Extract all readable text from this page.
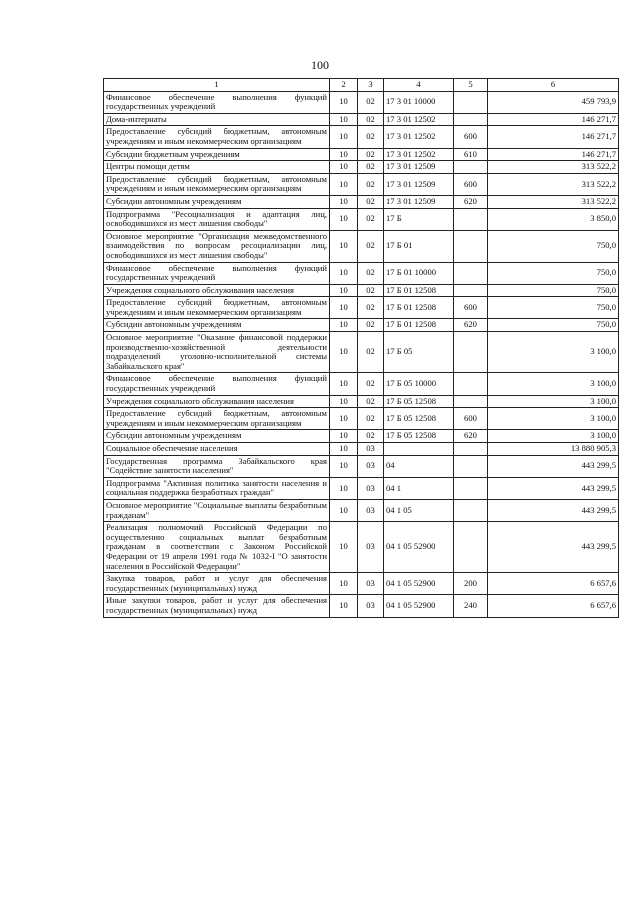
100
1	2	3	4	5	6
Финансовое обеспечение выполнения функций государственных учреждений	10	02	17 3 01 10000		459 793,9
Дома-интернаты	10	02	17 3 01 12502		146 271,7
Предоставление субсидий бюджетным, автономным учреждениям и иным некоммерческим организациям	10	02	17 3 01 12502	600	146 271,7
Субсидии бюджетным учреждениям	10	02	17 3 01 12502	610	146 271,7
Центры помощи детям	10	02	17 3 01 12509		313 522,2
Предоставление субсидий бюджетным, автономным учреждениям и иным некоммерческим организациям	10	02	17 3 01 12509	600	313 522,2
Субсидии автономным учреждениям	10	02	17 3 01 12509	620	313 522,2
Подпрограмма "Ресоциализация и адаптация лиц, освободившихся из мест лишения свободы"	10	02	17 Б		3 850,0
Основное мероприятие "Организация межведомственного взаимодействия по вопросам ресоциализации лиц, освободившихся из мест лишения свободы"	10	02	17 Б 01		750,0
Финансовое обеспечение выполнения функций государственных учреждений	10	02	17 Б 01 10000		750,0
Учреждения социального обслуживания населения	10	02	17 Б 01 12508		750,0
Предоставление субсидий бюджетным, автономным учреждениям и иным некоммерческим организациям	10	02	17 Б 01 12508	600	750,0
Субсидии автономным учреждениям	10	02	17 Б 01 12508	620	750,0
Основное мероприятие "Оказание финансовой поддержки производственно-хозяйственной деятельности подразделений уголовно-исполнительной системы Забайкальского края"	10	02	17 Б 05		3 100,0
Финансовое обеспечение выполнения функций государственных учреждений	10	02	17 Б 05 10000		3 100,0
Учреждения социального обслуживания населения	10	02	17 Б 05 12508		3 100,0
Предоставление субсидий бюджетным, автономным учреждениям и иным некоммерческим организациям	10	02	17 Б 05 12508	600	3 100,0
Субсидии автономным учреждениям	10	02	17 Б 05 12508	620	3 100,0
Социальное обеспечение населения	10	03			13 880 905,3
Государственная программа Забайкальского края "Содействие занятости населения"	10	03	04		443 299,5
Подпрограмма "Активная политика занятости населения и социальная поддержка безработных граждан"	10	03	04 1		443 299,5
Основное мероприятие "Социальные выплаты безработным гражданам"	10	03	04 1 05		443 299,5
Реализация полномочий Российской Федерации по осуществлению социальных выплат безработным гражданам в соответствии с Законом Российской Федерации от 19 апреля 1991 года № 1032-I "О занятости населения в Российской Федерации"	10	03	04 1 05 52900		443 299,5
Закупка товаров, работ и услуг для обеспечения государственных (муниципальных) нужд	10	03	04 1 05 52900	200	6 657,6
Иные закупки товаров, работ и услуг для обеспечения государственных (муниципальных) нужд	10	03	04 1 05 52900	240	6 657,6
